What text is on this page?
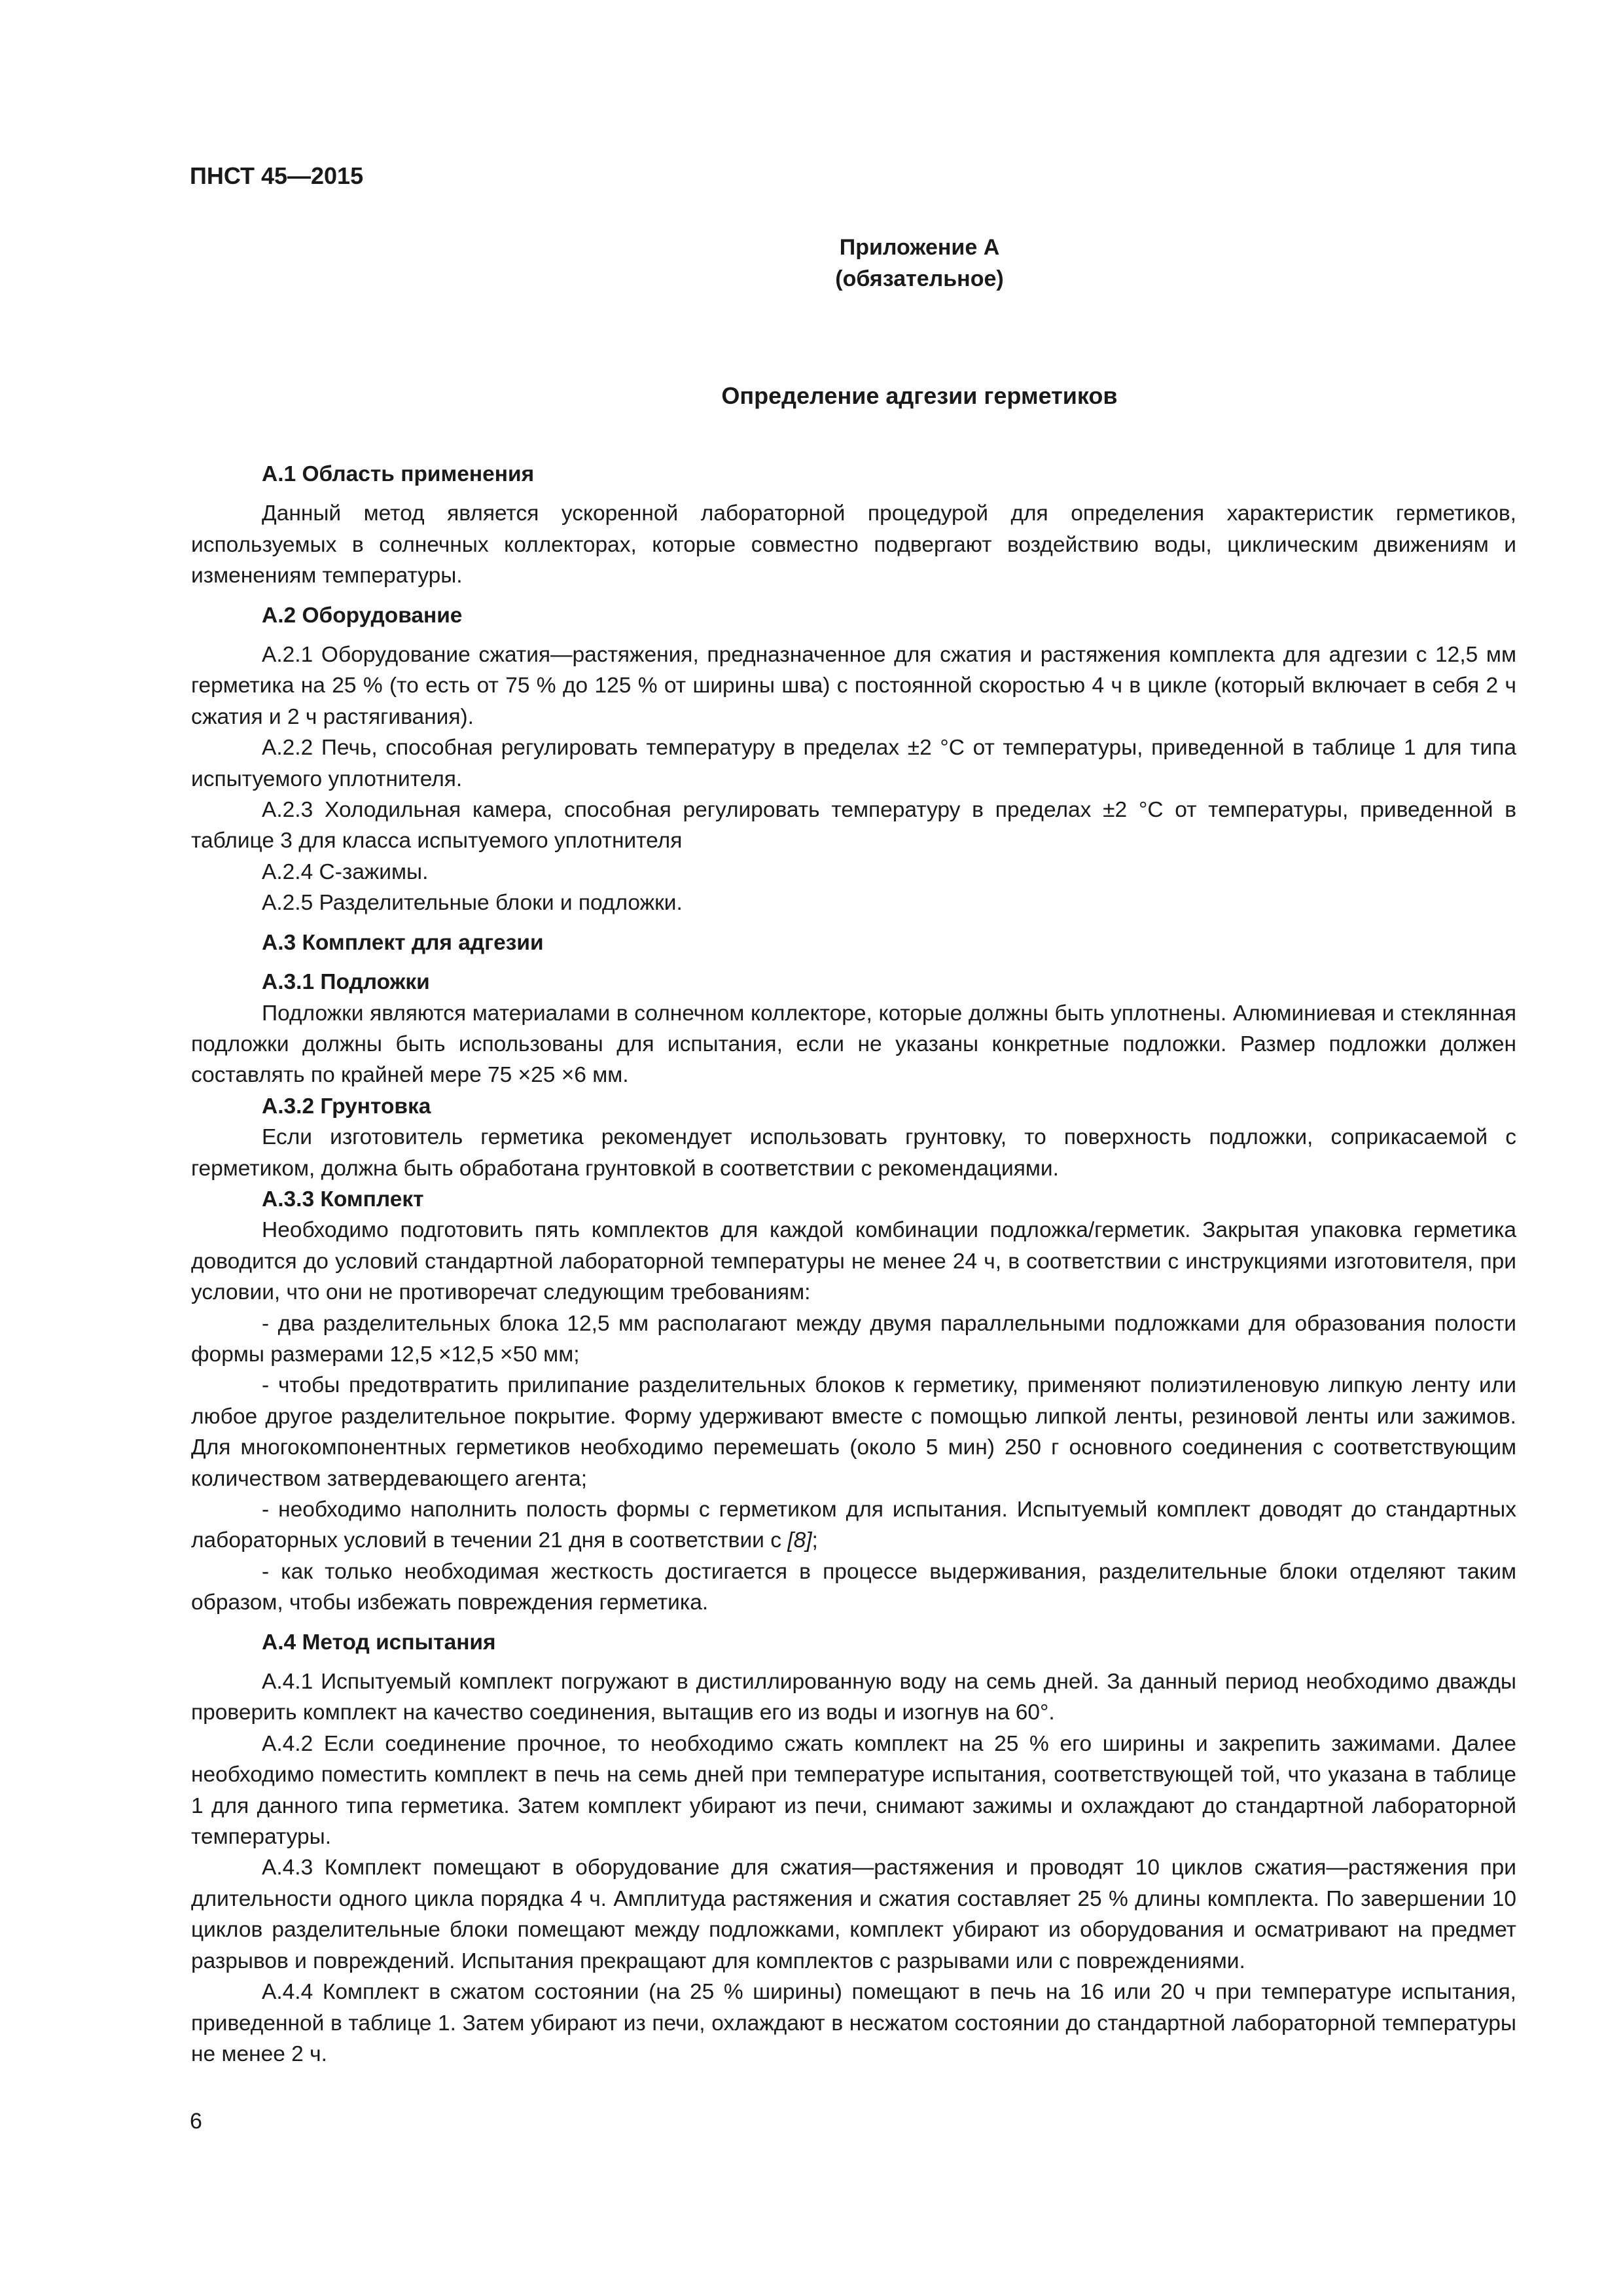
ПНСТ 45—2015
Приложение А
(обязательное)
Определение адгезии герметиков
А.1 Область применения

Данный метод является ускоренной лабораторной процедурой для определения характеристик герметиков, используемых в солнечных коллекторах, которые совместно подвергают воздействию воды, циклическим движениям и изменениям температуры.

А.2 Оборудование

А.2.1 Оборудование сжатия—растяжения, предназначенное для сжатия и растяжения комплекта для адгезии с 12,5 мм герметика на 25 % (то есть от 75 % до 125 % от ширины шва) с постоянной скоростью 4 ч в цикле (который включает в себя 2 ч сжатия и 2 ч растягивания).

А.2.2 Печь, способная регулировать температуру в пределах ±2 °С от температуры, приведенной в таблице 1 для типа испытуемого уплотнителя.

А.2.3 Холодильная камера, способная регулировать температуру в пределах ±2 °С от температуры, приведенной в таблице 3 для класса испытуемого уплотнителя

А.2.4 С-зажимы.

А.2.5 Разделительные блоки и подложки.

А.3 Комплект для адгезии
А.3.1 Подложки

Подложки являются материалами в солнечном коллекторе, которые должны быть уплотнены. Алюминиевая и стеклянная подложки должны быть использованы для испытания, если не указаны конкретные подложки. Размер подложки должен составлять по крайней мере 75 ×25 ×6 мм.

А.3.2 Грунтовка

Если изготовитель герметика рекомендует использовать грунтовку, то поверхность подложки, соприкасаемой с герметиком, должна быть обработана грунтовкой в соответствии с рекомендациями.

А.3.3 Комплект

Необходимо подготовить пять комплектов для каждой комбинации подложка/герметик. Закрытая упаковка герметика доводится до условий стандартной лабораторной температуры не менее 24 ч, в соответствии с инструкциями изготовителя, при условии, что они не противоречат следующим требованиям:

- два разделительных блока 12,5 мм располагают между двумя параллельными подложками для образования полости формы размерами 12,5 ×12,5 ×50 мм;

- чтобы предотвратить прилипание разделительных блоков к герметику, применяют полиэтиленовую липкую ленту или любое другое разделительное покрытие. Форму удерживают вместе с помощью липкой ленты, резиновой ленты или зажимов. Для многокомпонентных герметиков необходимо перемешать (около 5 мин) 250 г основного соединения с соответствующим количеством затвердевающего агента;

- необходимо наполнить полость формы с герметиком для испытания. Испытуемый комплект доводят до стандартных лабораторных условий в течении 21 дня в соответствии с [8];

- как только необходимая жесткость достигается в процессе выдерживания, разделительные блоки отделяют таким образом, чтобы избежать повреждения герметика.

А.4 Метод испытания

А.4.1 Испытуемый комплект погружают в дистиллированную воду на семь дней. За данный период необходимо дважды проверить комплект на качество соединения, вытащив его из воды и изогнув на 60°.

А.4.2 Если соединение прочное, то необходимо сжать комплект на 25 % его ширины и закрепить зажимами. Далее необходимо поместить комплект в печь на семь дней при температуре испытания, соответствующей той, что указана в таблице 1 для данного типа герметика. Затем комплект убирают из печи, снимают зажимы и охлаждают до стандартной лабораторной температуры.

А.4.3 Комплект помещают в оборудование для сжатия—растяжения и проводят 10 циклов сжатия—растяжения при длительности одного цикла порядка 4 ч. Амплитуда растяжения и сжатия составляет 25 % длины комплекта. По завершении 10 циклов разделительные блоки помещают между подложками, комплект убирают из оборудования и осматривают на предмет разрывов и повреждений. Испытания прекращают для комплектов с разрывами или с повреждениями.

А.4.4 Комплект в сжатом состоянии (на 25 % ширины) помещают в печь на 16 или 20 ч при температуре испытания, приведенной в таблице 1. Затем убирают из печи, охлаждают в несжатом состоянии до стандартной лабораторной температуры не менее 2 ч.

6
